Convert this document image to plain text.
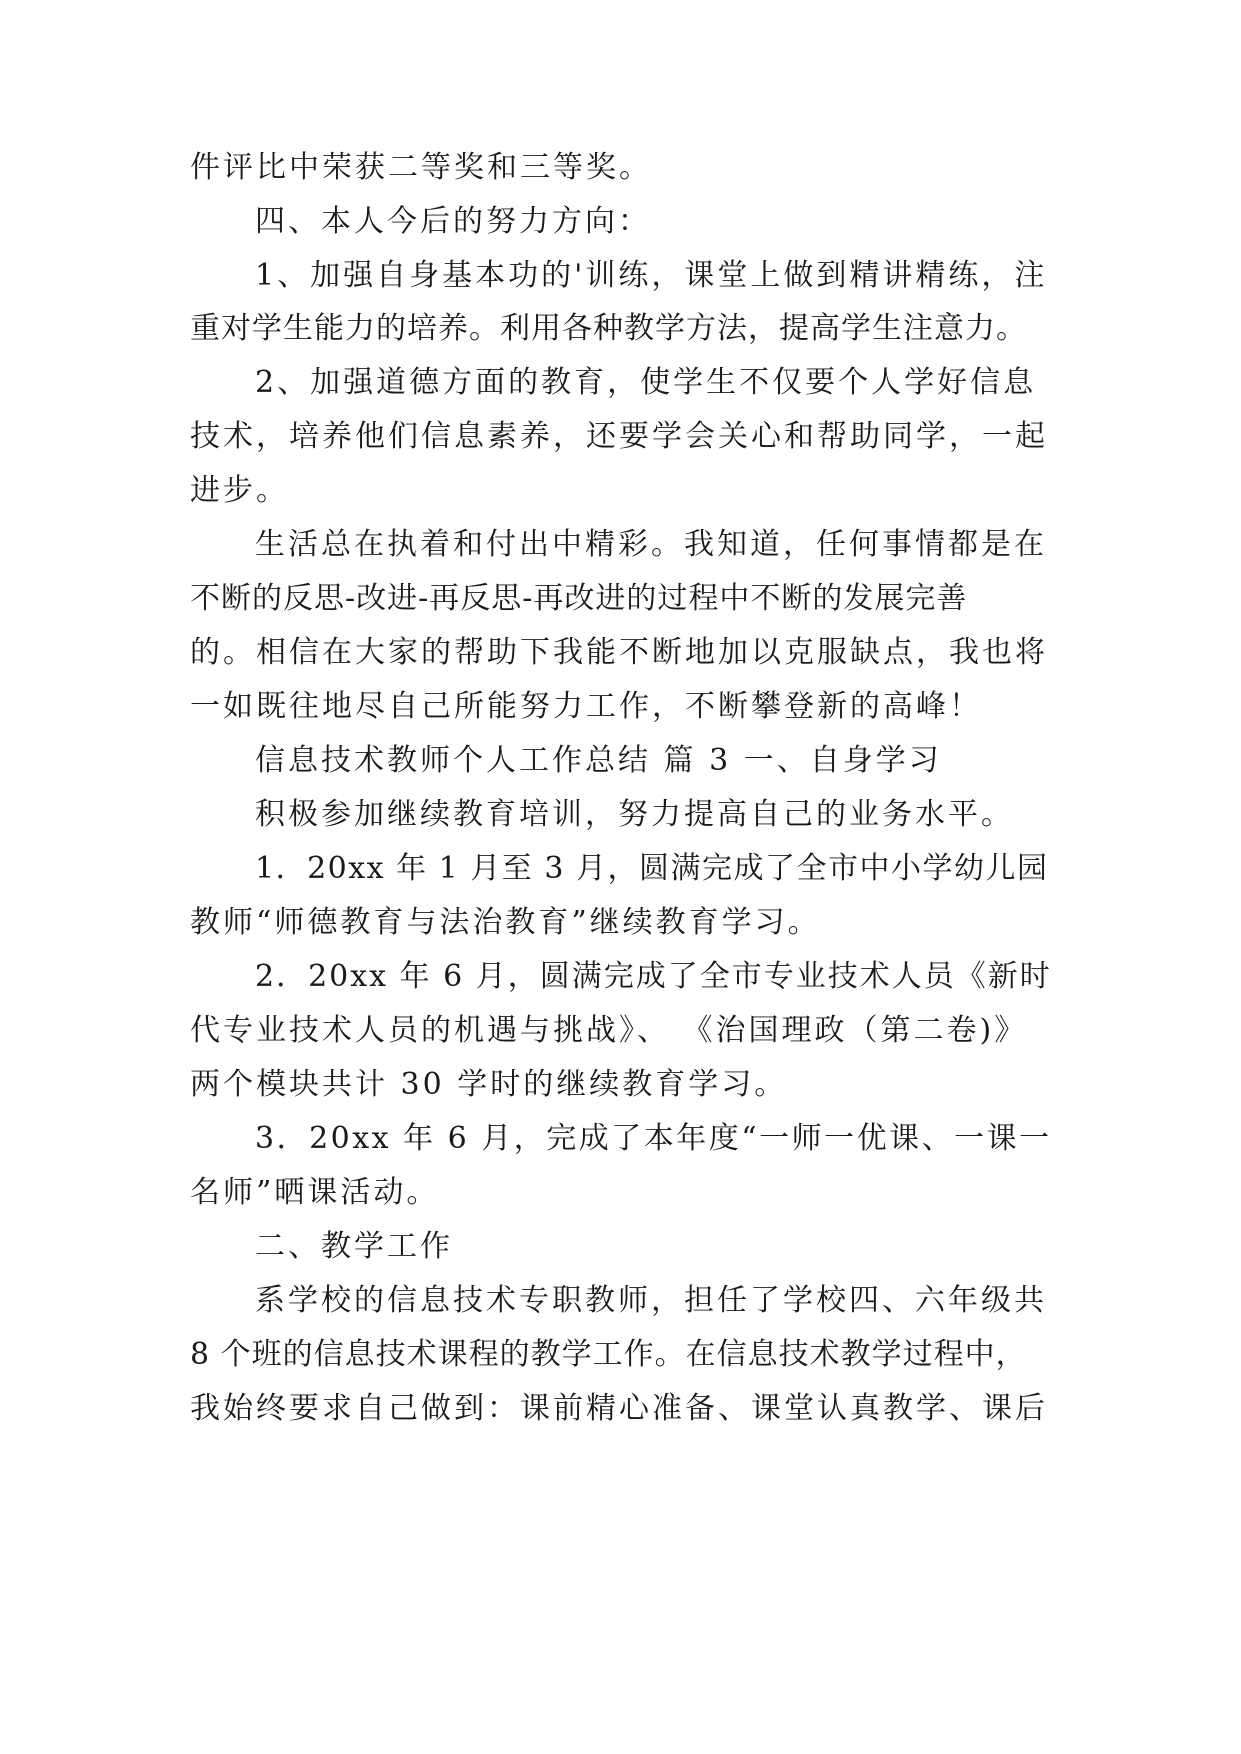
件评比中荣获二等奖和三等奖。
四、本人今后的努力方向：
1、加强自身基本功的'训练，课堂上做到精讲精练，注
重对学生能力的培养。利用各种教学方法，提高学生注意力。
2、加强道德方面的教育，使学生不仅要个人学好信息
技术，培养他们信息素养，还要学会关心和帮助同学，一起
进步。
生活总在执着和付出中精彩。我知道，任何事情都是在
不断的反思-改进-再反思-再改进的过程中不断的发展完善
的。相信在大家的帮助下我能不断地加以克服缺点，我也将
一如既往地尽自己所能努力工作，不断攀登新的高峰！
信息技术教师个人工作总结 篇 3 一、自身学习
积极参加继续教育培训，努力提高自己的业务水平。
1．20xx 年 1 月至 3 月，圆满完成了全市中小学幼儿园
教师“师德教育与法治教育”继续教育学习。
2．20xx 年 6 月，圆满完成了全市专业技术人员《新时
代专业技术人员的机遇与挑战》、 《治国理政（第二卷)》
两个模块共计 30 学时的继续教育学习。
3．20xx 年 6 月，完成了本年度“一师一优课、一课一
名师”晒课活动。
二、教学工作
系学校的信息技术专职教师，担任了学校四、六年级共
8 个班的信息技术课程的教学工作。在信息技术教学过程中，
我始终要求自己做到：课前精心准备、课堂认真教学、课后
